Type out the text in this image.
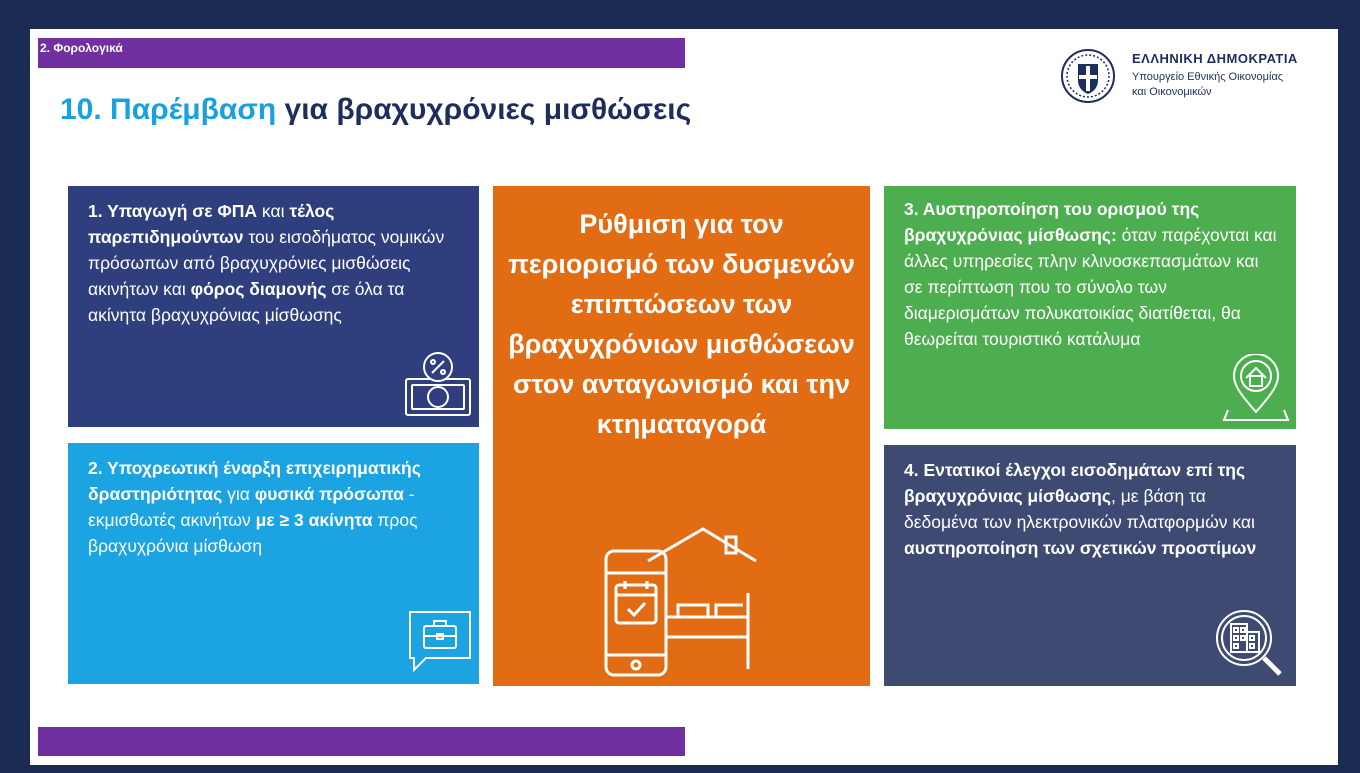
2. Φορολογικά
10. Παρέμβαση για βραχυχρόνιες μισθώσεις
ΕΛΛΗΝΙΚΗ ΔΗΜΟΚΡΑΤΙΑ
Υπουργείο Εθνικής Οικονομίας
και Οικονομικών
1. Υπαγωγή σε ΦΠΑ και τέλος παρεπιδημούντων του εισοδήματος νομικών πρόσωπων από βραχυχρόνιες μισθώσεις ακινήτων και φόρος διαμονής σε όλα τα ακίνητα βραχυχρόνιας μίσθωσης
2. Υποχρεωτική έναρξη επιχειρηματικής δραστηριότητας για φυσικά πρόσωπα - εκμισθωτές ακινήτων με ≥ 3 ακίνητα προς βραχυχρόνια μίσθωση
Ρύθμιση για τον περιορισμό των δυσμενών επιπτώσεων των βραχυχρόνιων μισθώσεων στον ανταγωνισμό και την κτηματαγορά
3. Αυστηροποίηση του ορισμού της βραχυχρόνιας μίσθωσης: όταν παρέχονται και άλλες υπηρεσίες πλην κλινοσκεπασμάτων και σε περίπτωση που το σύνολο των διαμερισμάτων πολυκατοικίας διατίθεται, θα θεωρείται τουριστικό κατάλυμα
4. Εντατικοί έλεγχοι εισοδημάτων επί της βραχυχρόνιας μίσθωσης, με βάση τα δεδομένα των ηλεκτρονικών πλατφορμών και αυστηροποίηση των σχετικών προστίμων
